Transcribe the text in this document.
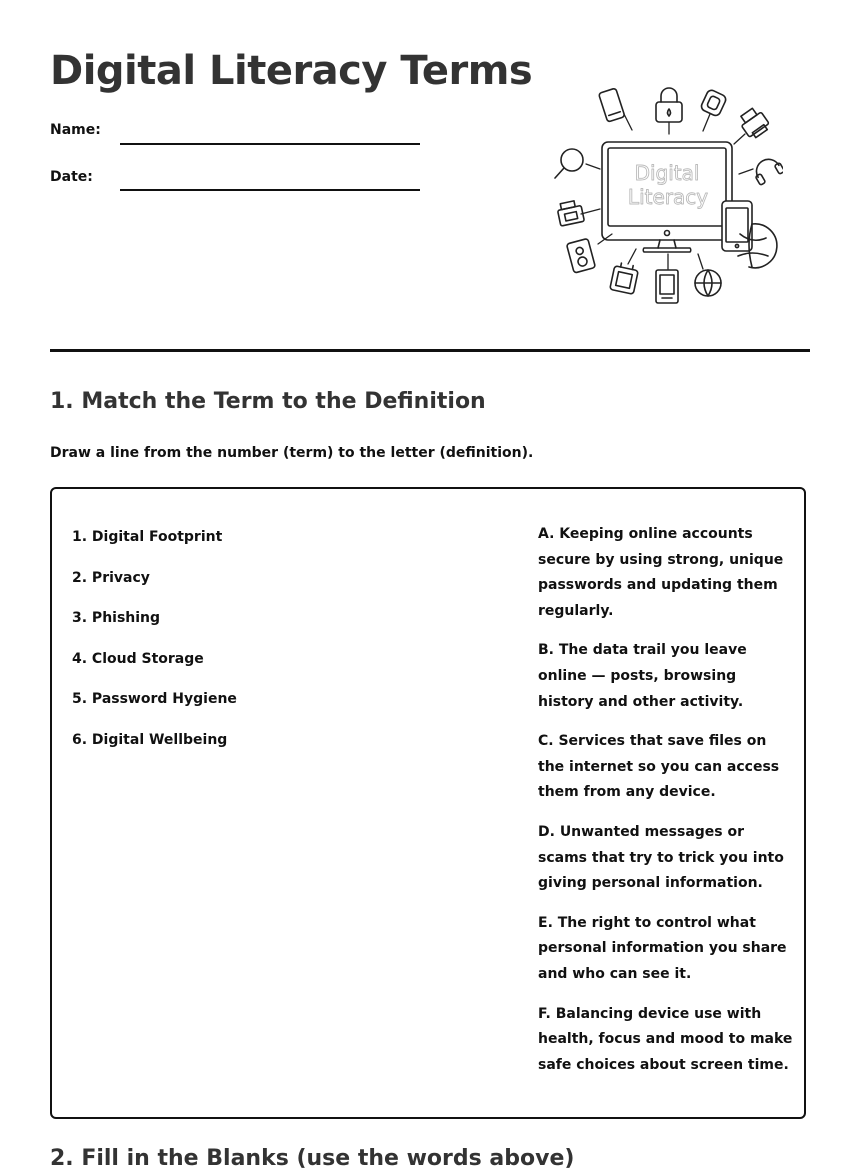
Digital Literacy Terms
Name:
Date:	Digital
Literacy
1. Match the Term to the Definition

Draw a line from the number (term) to the letter (definition).

1. Digital Footprint
2. Privacy
3. Phishing
4. Cloud Storage
5. Password Hygiene
6. Digital Wellbeing
A. Keeping online accounts secure by using strong, unique passwords and updating them regularly.
B. The data trail you leave online — posts, browsing history and other activity.
C. Services that save files on the internet so you can access them from any device.
D. Unwanted messages or scams that try to trick you into giving personal information.
E. The right to control what personal information you share and who can see it.
F. Balancing device use with health, focus and mood to make safe choices about screen time.
2. Fill in the Blanks (use the words above)
